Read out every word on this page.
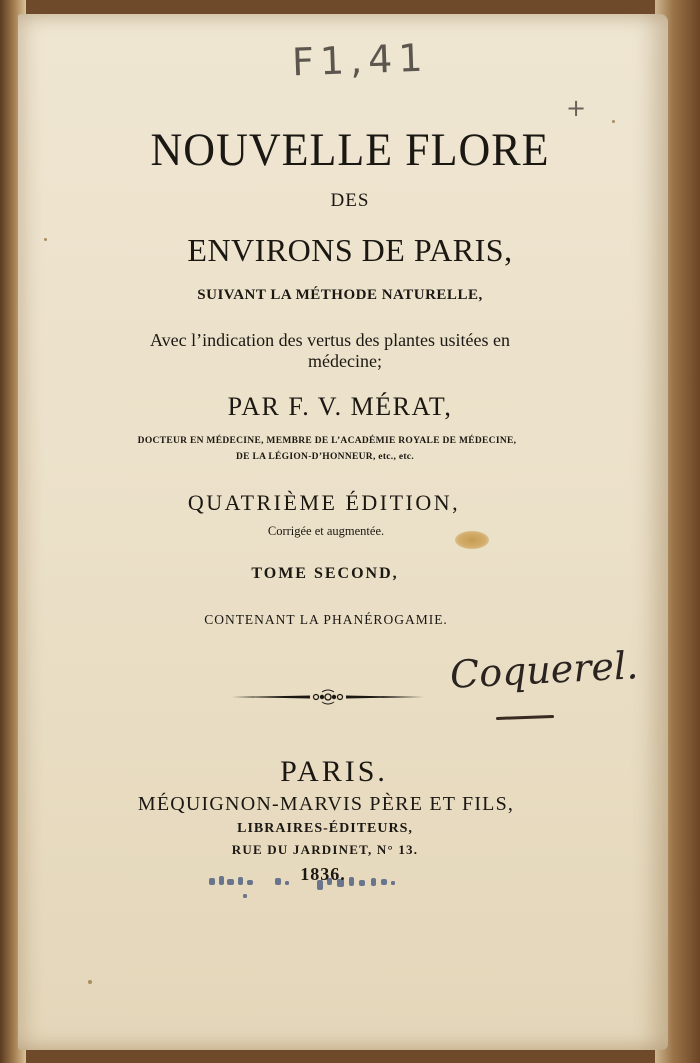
F1,41
+
NOUVELLE FLORE
DES
ENVIRONS DE PARIS,
SUIVANT LA MÉTHODE NATURELLE,
Avec l’indication des vertus des plantes usitées en
médecine;
PAR F. V. MÉRAT,
DOCTEUR EN MÉDECINE, MEMBRE DE L’ACADÉMIE ROYALE DE MÉDECINE,
DE LA LÉGION-D’HONNEUR, etc., etc.
QUATRIÈME ÉDITION,
Corrigée et augmentée.
TOME SECOND,
CONTENANT LA PHANÉROGAMIE.
Coquerel.
PARIS.
MÉQUIGNON-MARVIS PÈRE ET FILS,
LIBRAIRES-ÉDITEURS,
RUE DU JARDINET, N° 13.
1836.
